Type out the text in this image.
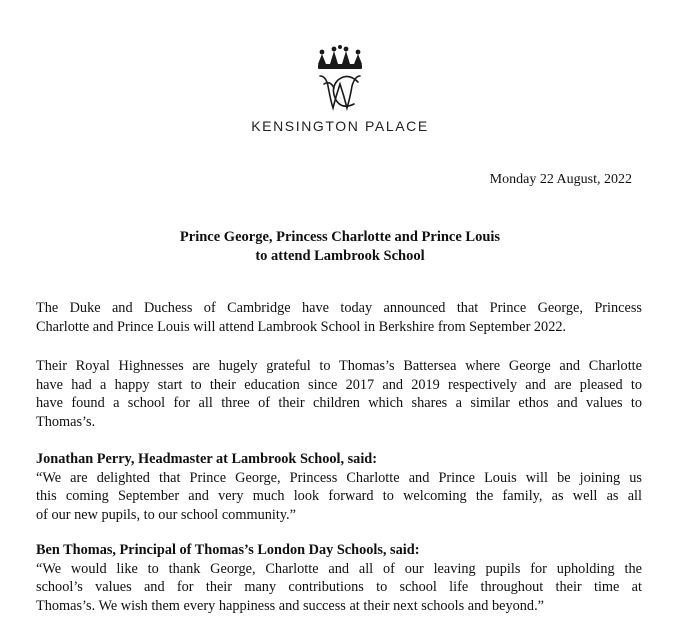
KENSINGTON PALACE
Monday 22 August, 2022
Prince George, Princess Charlotte and Prince Louis
to attend Lambrook School
The Duke and Duchess of Cambridge have today announced that Prince George, Princess
Charlotte and Prince Louis will attend Lambrook School in Berkshire from September 2022.
Their Royal Highnesses are hugely grateful to Thomas’s Battersea where George and Charlotte
have had a happy start to their education since 2017 and 2019 respectively and are pleased to
have found a school for all three of their children which shares a similar ethos and values to
Thomas’s.
Jonathan Perry, Headmaster at Lambrook School, said:
“We are delighted that Prince George, Princess Charlotte and Prince Louis will be joining us
this coming September and very much look forward to welcoming the family, as well as all
of our new pupils, to our school community.”
Ben Thomas, Principal of Thomas’s London Day Schools, said:
“We would like to thank George, Charlotte and all of our leaving pupils for upholding the
school’s values and for their many contributions to school life throughout their time at
Thomas’s. We wish them every happiness and success at their next schools and beyond.”
